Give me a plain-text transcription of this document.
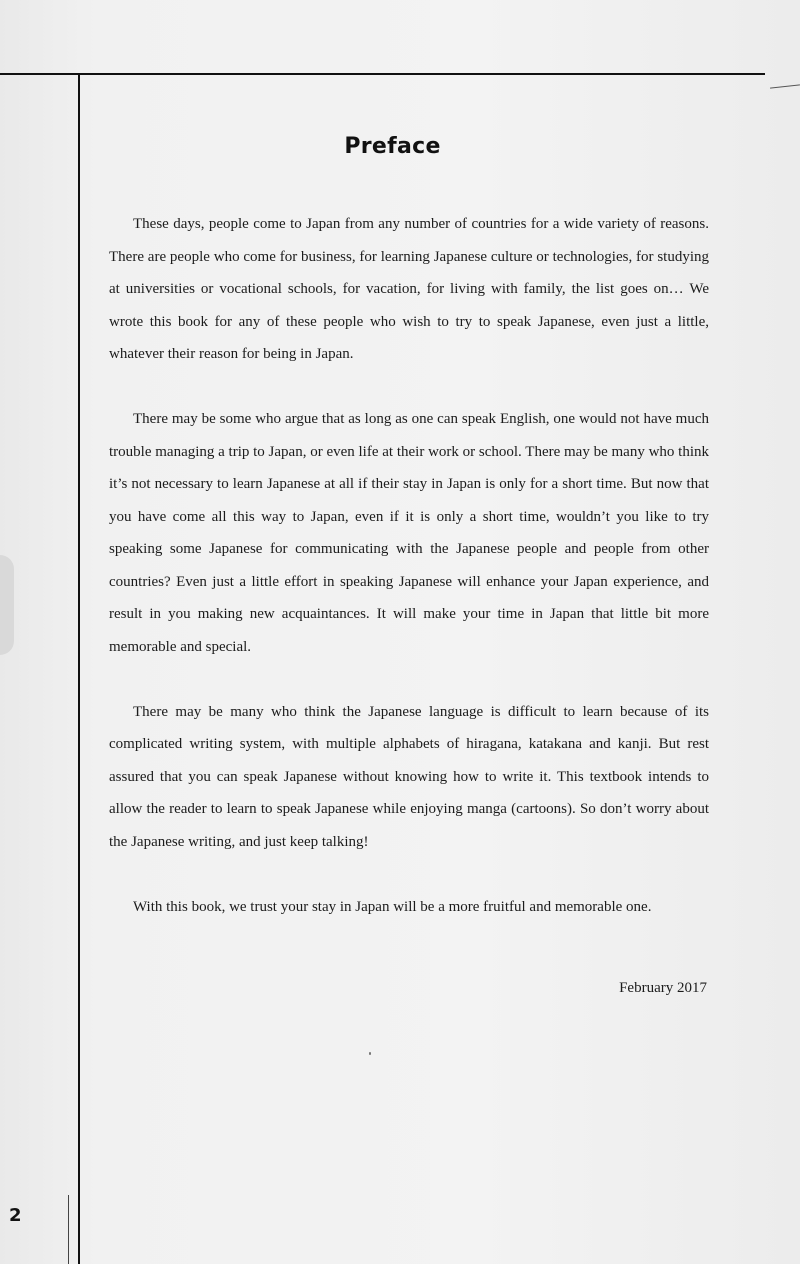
Preface

These days, people come to Japan from any number of countries for a wide variety of reasons. There are people who come for business, for learning Japanese culture or technologies, for studying at universities or vocational schools, for vacation, for living with family, the list goes on… We wrote this book for any of these people who wish to try to speak Japanese, even just a little, whatever their reason for being in Japan.

There may be some who argue that as long as one can speak English, one would not have much trouble managing a trip to Japan, or even life at their work or school. There may be many who think it’s not necessary to learn Japanese at all if their stay in Japan is only for a short time. But now that you have come all this way to Japan, even if it is only a short time, wouldn’t you like to try speaking some Japanese for communicating with the Japanese people and people from other countries? Even just a little effort in speaking Japanese will enhance your Japan experience, and result in you making new acquaintances. It will make your time in Japan that little bit more memorable and special.

There may be many who think the Japanese language is difficult to learn because of its complicated writing system, with multiple alphabets of hiragana, katakana and kanji. But rest assured that you can speak Japanese without knowing how to write it. This textbook intends to allow the reader to learn to speak Japanese while enjoying manga (cartoons). So don’t worry about the Japanese writing, and just keep talking!

With this book, we trust your stay in Japan will be a more fruitful and memorable one.

February 2017
2
